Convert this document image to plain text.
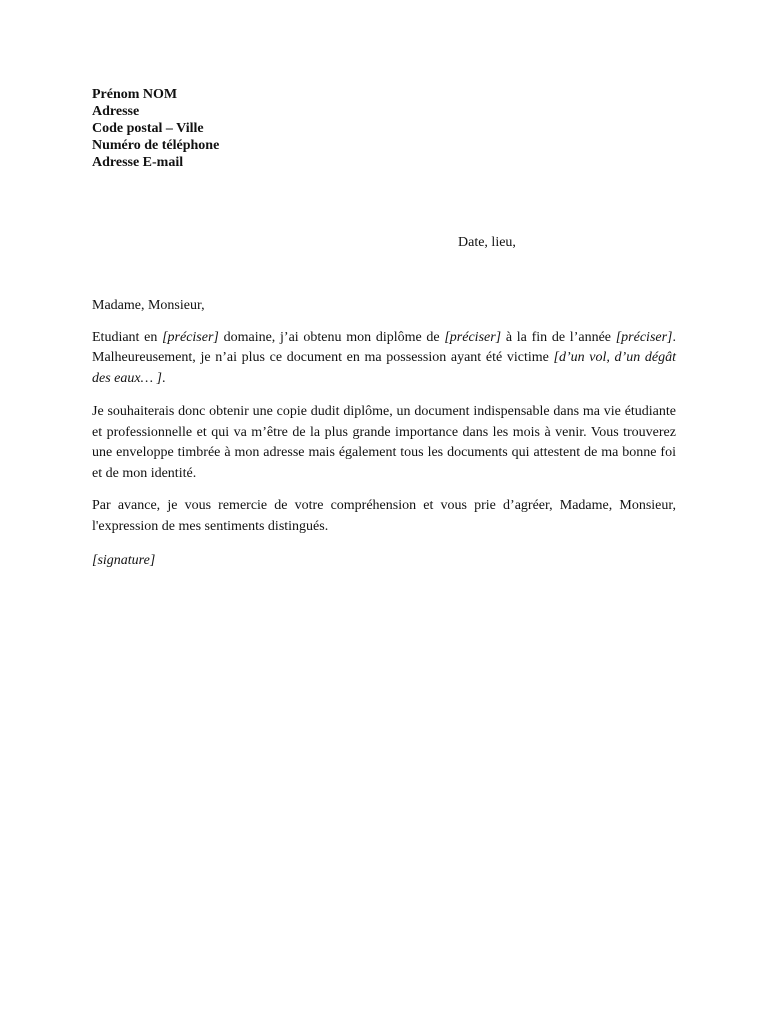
Prénom NOM
Adresse
Code postal – Ville
Numéro de téléphone
Adresse E-mail
Date, lieu,

Madame, Monsieur,

Etudiant en [préciser] domaine, j’ai obtenu mon diplôme de [préciser] à la fin de l’année [préciser]. Malheureusement, je n’ai plus ce document en ma possession ayant été victime [d’un vol, d’un dégât des eaux… ].

Je souhaiterais donc obtenir une copie dudit diplôme, un document indispensable dans ma vie étudiante et professionnelle et qui va m’être de la plus grande importance dans les mois à venir. Vous trouverez une enveloppe timbrée à mon adresse mais également tous les documents qui attestent de ma bonne foi et de mon identité.

Par avance, je vous remercie de votre compréhension et vous prie d’agréer, Madame, Monsieur, l'expression de mes sentiments distingués.

[signature]
